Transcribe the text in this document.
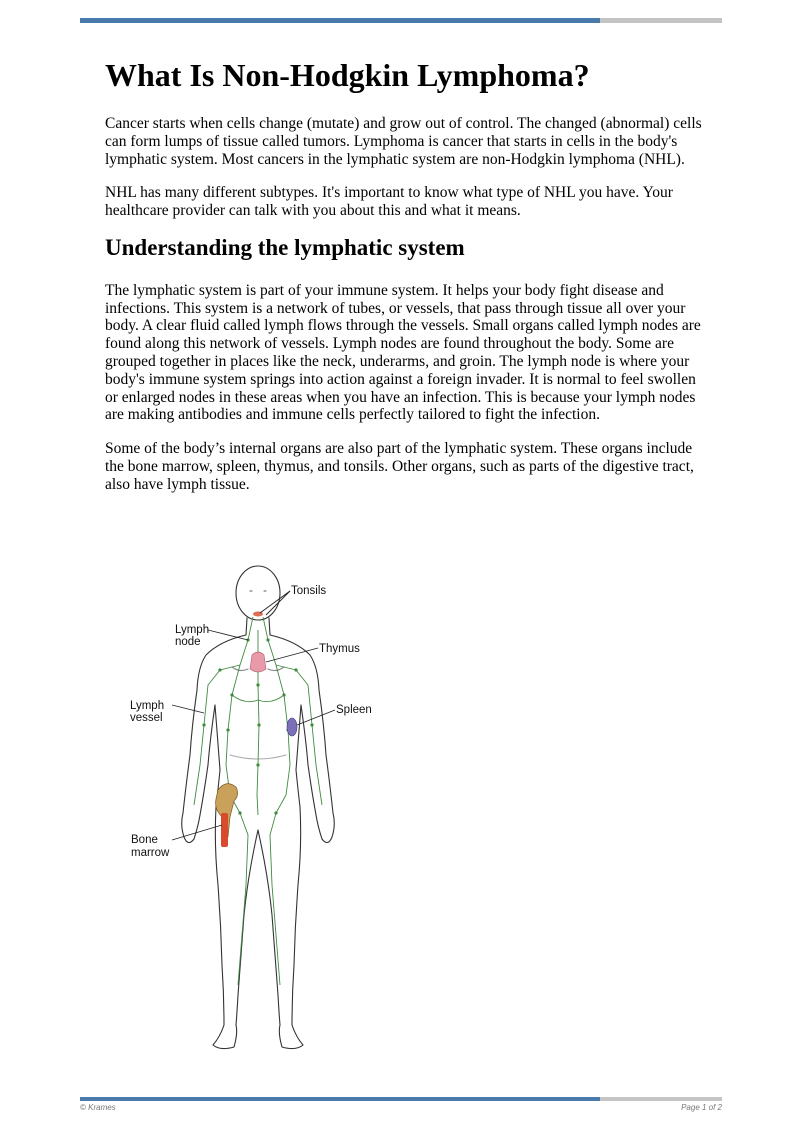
What Is Non-Hodgkin Lymphoma?

Cancer starts when cells change (mutate) and grow out of control. The changed (abnormal) cells can form lumps of tissue called tumors. Lymphoma is cancer that starts in cells in the body's lymphatic system. Most cancers in the lymphatic system are non-Hodgkin lymphoma (NHL).

NHL has many different subtypes. It's important to know what type of NHL you have. Your healthcare provider can talk with you about this and what it means.

Understanding the lymphatic system

The lymphatic system is part of your immune system. It helps your body fight disease and infections. This system is a network of tubes, or vessels, that pass through tissue all over your body. A clear fluid called lymph flows through the vessels. Small organs called lymph nodes are found along this network of vessels. Lymph nodes are found throughout the body. Some are grouped together in places like the neck, underarms, and groin. The lymph node is where your body's immune system springs into action against a foreign invader. It is normal to feel swollen or enlarged nodes in these areas when you have an infection. This is because your lymph nodes are making antibodies and immune cells perfectly tailored to fight the infection.

Some of the body’s internal organs are also part of the lymphatic system. These organs include the bone marrow, spleen, thymus, and tonsils. Other organs, such as parts of the digestive tract, also have lymph tissue.

Tonsils
Lymph
node
Thymus
Lymph
vessel
Spleen
Bone
marrow
© Krames	Page 1 of 2
